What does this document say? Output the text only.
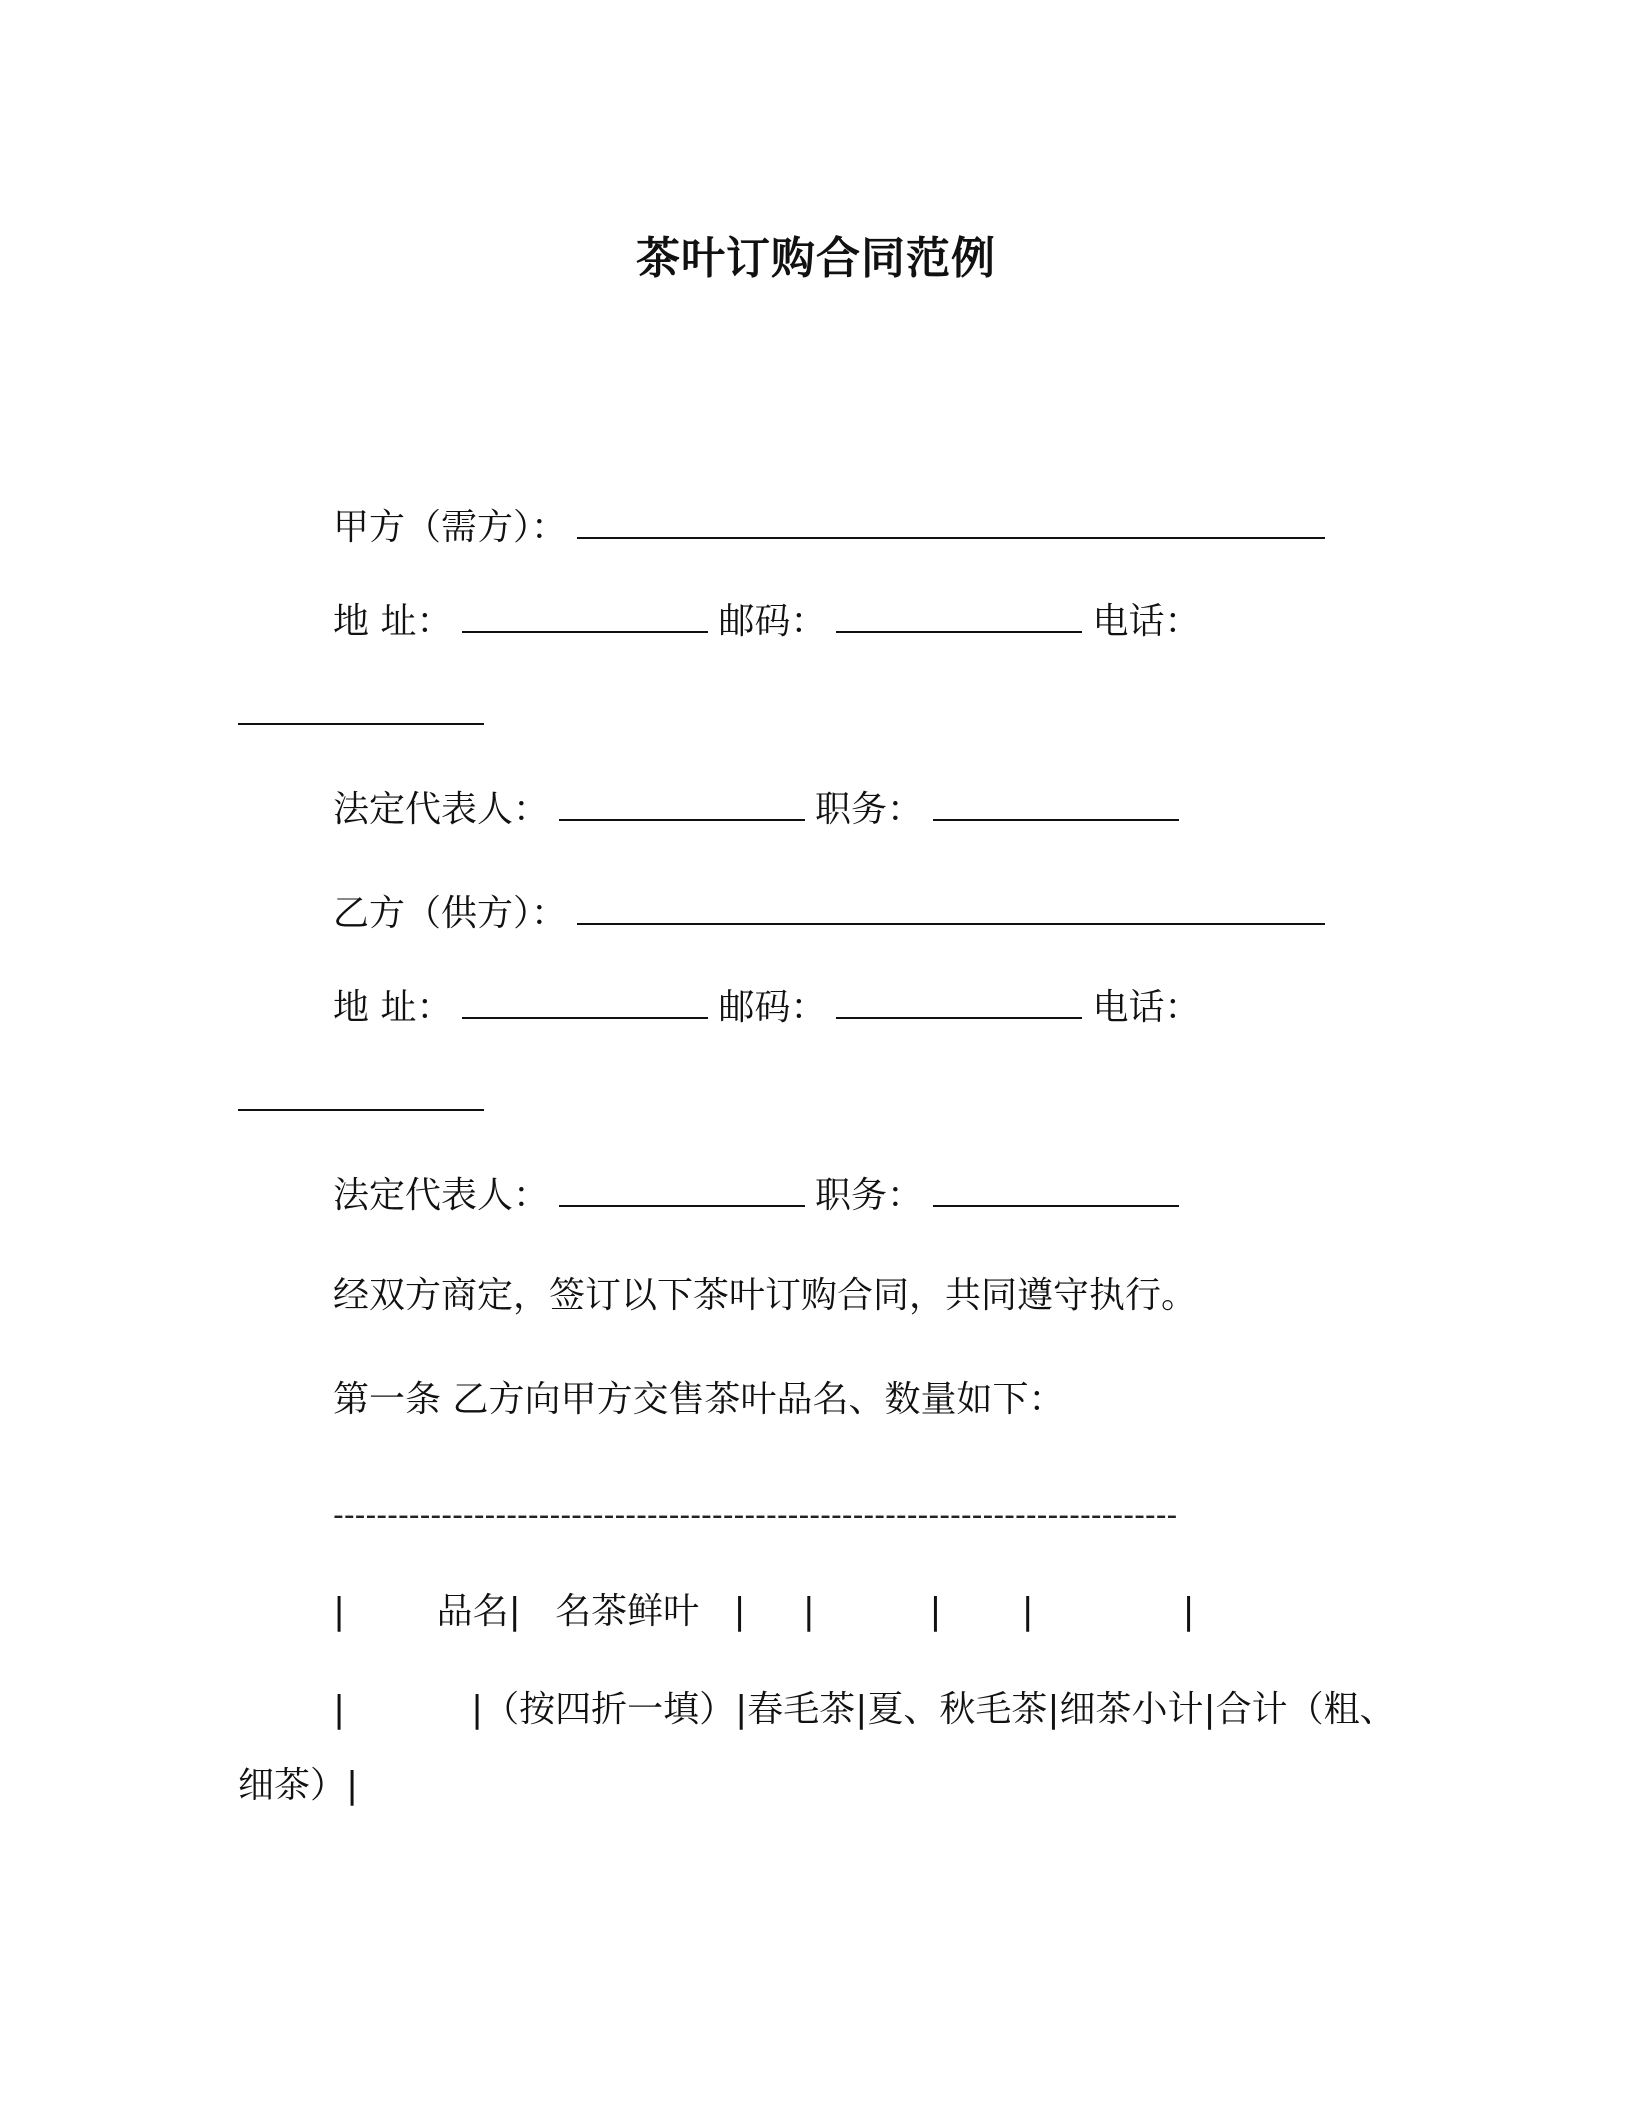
茶叶订购合同范例
甲方（需方）：
地 址：	邮码：	电话：
法定代表人：	职务：
乙方（供方）：
地 址：	邮码：	电话：
法定代表人：	职务：
经双方商定，签订以下茶叶订购合同，共同遵守执行。
第一条 乙方向甲方交售茶叶品名、数量如下：
------------------------------------------------------------------------------
|        品名|   名茶鲜叶   |     |          |       |             |
|           |（按四折一填）|春毛茶|夏、秋毛茶|细茶小计|合计（粗、
细茶）|
